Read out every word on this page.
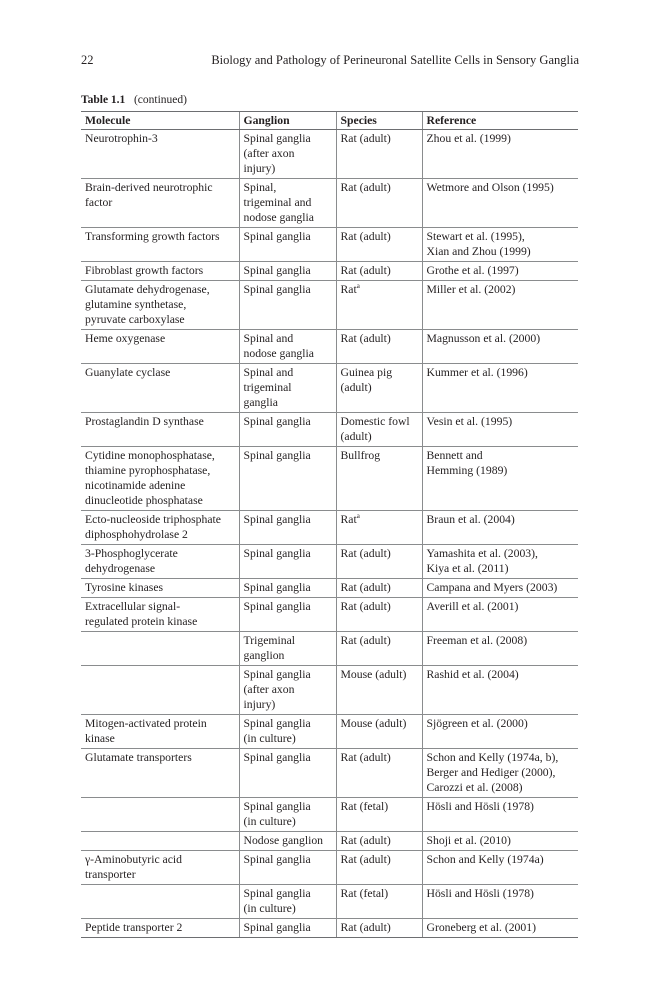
22	Biology and Pathology of Perineuronal Satellite Cells in Sensory Ganglia
Table 1.1 (continued)
Molecule	Ganglion	Species	Reference
Neurotrophin-3	Spinal ganglia
(after axon
injury)	Rat (adult)	Zhou et al. (1999)
Brain-derived neurotrophic
factor	Spinal,
trigeminal and
nodose ganglia	Rat (adult)	Wetmore and Olson (1995)
Transforming growth factors	Spinal ganglia	Rat (adult)	Stewart et al. (1995),
Xian and Zhou (1999)
Fibroblast growth factors	Spinal ganglia	Rat (adult)	Grothe et al. (1997)
Glutamate dehydrogenase,
glutamine synthetase,
pyruvate carboxylase	Spinal ganglia	Rat$^a$	Miller et al. (2002)
Heme oxygenase	Spinal and
nodose ganglia	Rat (adult)	Magnusson et al. (2000)
Guanylate cyclase	Spinal and
trigeminal
ganglia	Guinea pig
(adult)	Kummer et al. (1996)
Prostaglandin D synthase	Spinal ganglia	Domestic fowl
(adult)	Vesin et al. (1995)
Cytidine monophosphatase,
thiamine pyrophosphatase,
nicotinamide adenine
dinucleotide phosphatase	Spinal ganglia	Bullfrog	Bennett and
Hemming (1989)
Ecto-nucleoside triphosphate
diphosphohydrolase 2	Spinal ganglia	Rat$^a$	Braun et al. (2004)
3-Phosphoglycerate
dehydrogenase	Spinal ganglia	Rat (adult)	Yamashita et al. (2003),
Kiya et al. (2011)
Tyrosine kinases	Spinal ganglia	Rat (adult)	Campana and Myers (2003)
Extracellular signal-
regulated protein kinase	Spinal ganglia	Rat (adult)	Averill et al. (2001)
	Trigeminal
ganglion	Rat (adult)	Freeman et al. (2008)
	Spinal ganglia
(after axon
injury)	Mouse (adult)	Rashid et al. (2004)
Mitogen-activated protein
kinase	Spinal ganglia
(in culture)	Mouse (adult)	Sjögreen et al. (2000)
Glutamate transporters	Spinal ganglia	Rat (adult)	Schon and Kelly (1974a, b),
Berger and Hediger (2000),
Carozzi et al. (2008)
	Spinal ganglia
(in culture)	Rat (fetal)	Hösli and Hösli (1978)
	Nodose ganglion	Rat (adult)	Shoji et al. (2010)
γ-Aminobutyric acid
transporter	Spinal ganglia	Rat (adult)	Schon and Kelly (1974a)
	Spinal ganglia
(in culture)	Rat (fetal)	Hösli and Hösli (1978)
Peptide transporter 2	Spinal ganglia	Rat (adult)	Groneberg et al. (2001)
